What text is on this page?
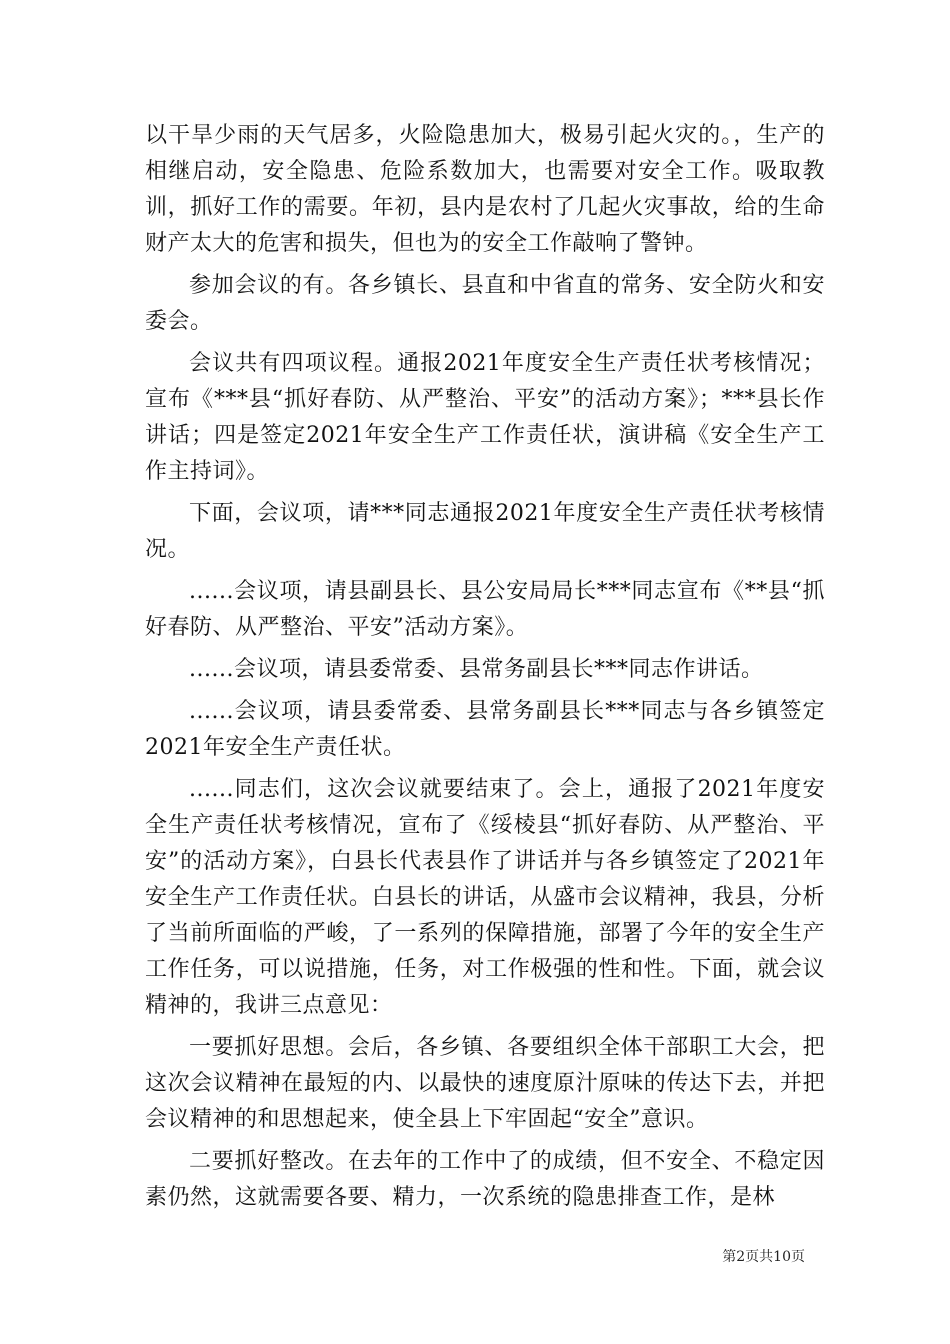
以干旱少雨的天气居多，火险隐患加大，极易引起火灾的。，生产的相继启动，安全隐患、危险系数加大，也需要对安全工作。吸取教训，抓好工作的需要。年初，县内是农村了几起火灾事故，给的生命财产太大的危害和损失，但也为的安全工作敲响了警钟。

参加会议的有。各乡镇长、县直和中省直的常务、安全防火和安委会。

会议共有四项议程。通报2021年度安全生产责任状考核情况；宣布《***县“抓好春防、从严整治、平安”的活动方案》；***县长作讲话；四是签定2021年安全生产工作责任状，演讲稿《安全生产工作主持词》。

下面，会议项，请***同志通报2021年度安全生产责任状考核情况。

......会议项，请县副县长、县公安局局长***同志宣布《**县“抓好春防、从严整治、平安”活动方案》。

......会议项，请县委常委、县常务副县长***同志作讲话。

......会议项，请县委常委、县常务副县长***同志与各乡镇签定2021年安全生产责任状。

......同志们，这次会议就要结束了。会上，通报了2021年度安全生产责任状考核情况，宣布了《绥棱县“抓好春防、从严整治、平安”的活动方案》，白县长代表县作了讲话并与各乡镇签定了2021年安全生产工作责任状。白县长的讲话，从盛市会议精神，我县，分析了当前所面临的严峻，了一系列的保障措施，部署了今年的安全生产工作任务，可以说措施，任务，对工作极强的性和性。下面，就会议精神的，我讲三点意见：

一要抓好思想。会后，各乡镇、各要组织全体干部职工大会，把这次会议精神在最短的内、以最快的速度原汁原味的传达下去，并把会议精神的和思想起来，使全县上下牢固起“安全”意识。

二要抓好整改。在去年的工作中了的成绩，但不安全、不稳定因素仍然，这就需要各要、精力，一次系统的隐患排查工作，是林

第2页共10页
